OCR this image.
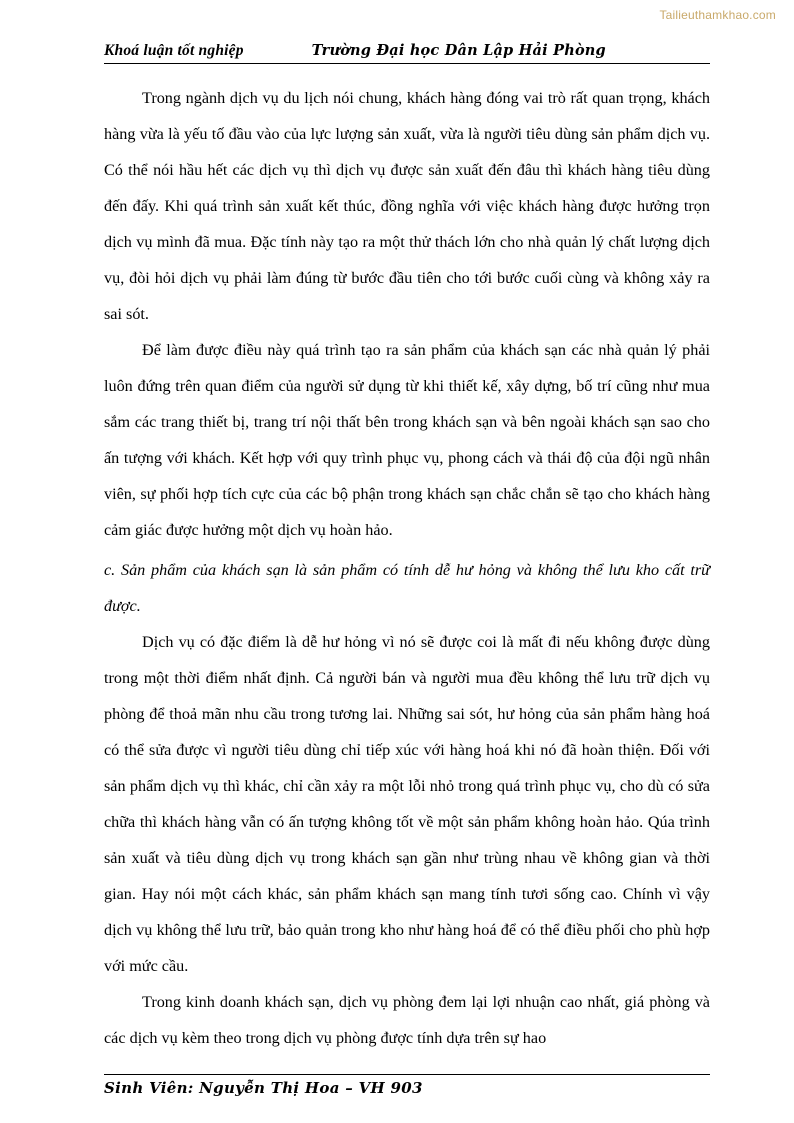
Tailieuthamkhao.com
Khoá luận tốt nghiệp	Trường Đại học Dân Lập Hải Phòng

Trong ngành dịch vụ du lịch nói chung, khách hàng đóng vai trò rất quan trọng, khách hàng vừa là yếu tố đầu vào của lực lượng sản xuất, vừa là người tiêu dùng sản phẩm dịch vụ. Có thể nói hầu hết các dịch vụ thì dịch vụ được sản xuất đến đâu thì khách hàng tiêu dùng đến đấy. Khi quá trình sản xuất kết thúc, đồng nghĩa với việc khách hàng được hưởng trọn dịch vụ mình đã mua. Đặc tính này tạo ra một thử thách lớn cho nhà quản lý chất lượng dịch vụ, đòi hỏi dịch vụ phải làm đúng từ bước đầu tiên cho tới bước cuối cùng và không xảy ra sai sót.

Để làm được điều này quá trình tạo ra sản phẩm của khách sạn các nhà quản lý phải luôn đứng trên quan điểm của người sử dụng từ khi thiết kế, xây dựng, bố trí cũng như mua sắm các trang thiết bị, trang trí nội thất bên trong khách sạn và bên ngoài khách sạn sao cho ấn tượng với khách. Kết hợp với quy trình phục vụ, phong cách và thái độ của đội ngũ nhân viên, sự phối hợp tích cực của các bộ phận trong khách sạn chắc chắn sẽ tạo cho khách hàng cảm giác được hưởng một dịch vụ hoàn hảo.

c. Sản phẩm của khách sạn là sản phẩm có tính dễ hư hỏng và không thể lưu kho cất trữ được.

Dịch vụ có đặc điểm là dễ hư hỏng vì nó sẽ được coi là mất đi nếu không được dùng trong một thời điểm nhất định. Cả người bán và người mua đều không thể lưu trữ dịch vụ phòng để thoả mãn nhu cầu trong tương lai. Những sai sót, hư hỏng của sản phẩm hàng hoá có thể sửa được vì người tiêu dùng chỉ tiếp xúc với hàng hoá khi nó đã hoàn thiện. Đối với sản phẩm dịch vụ thì khác, chỉ cần xảy ra một lỗi nhỏ trong quá trình phục vụ, cho dù có sửa chữa thì khách hàng vẫn có ấn tượng không tốt về một sản phẩm không hoàn hảo. Qúa trình sản xuất và tiêu dùng dịch vụ trong khách sạn gần như trùng nhau về không gian và thời gian. Hay nói một cách khác, sản phẩm khách sạn mang tính tươi sống cao. Chính vì vậy dịch vụ không thể lưu trữ, bảo quản trong kho như hàng hoá để có thể điều phối cho phù hợp với mức cầu.

Trong kinh doanh khách sạn, dịch vụ phòng đem lại lợi nhuận cao nhất, giá phòng và các dịch vụ kèm theo trong dịch vụ phòng được tính dựa trên sự hao

Sinh Viên: Nguyễn Thị Hoa – VH 903
